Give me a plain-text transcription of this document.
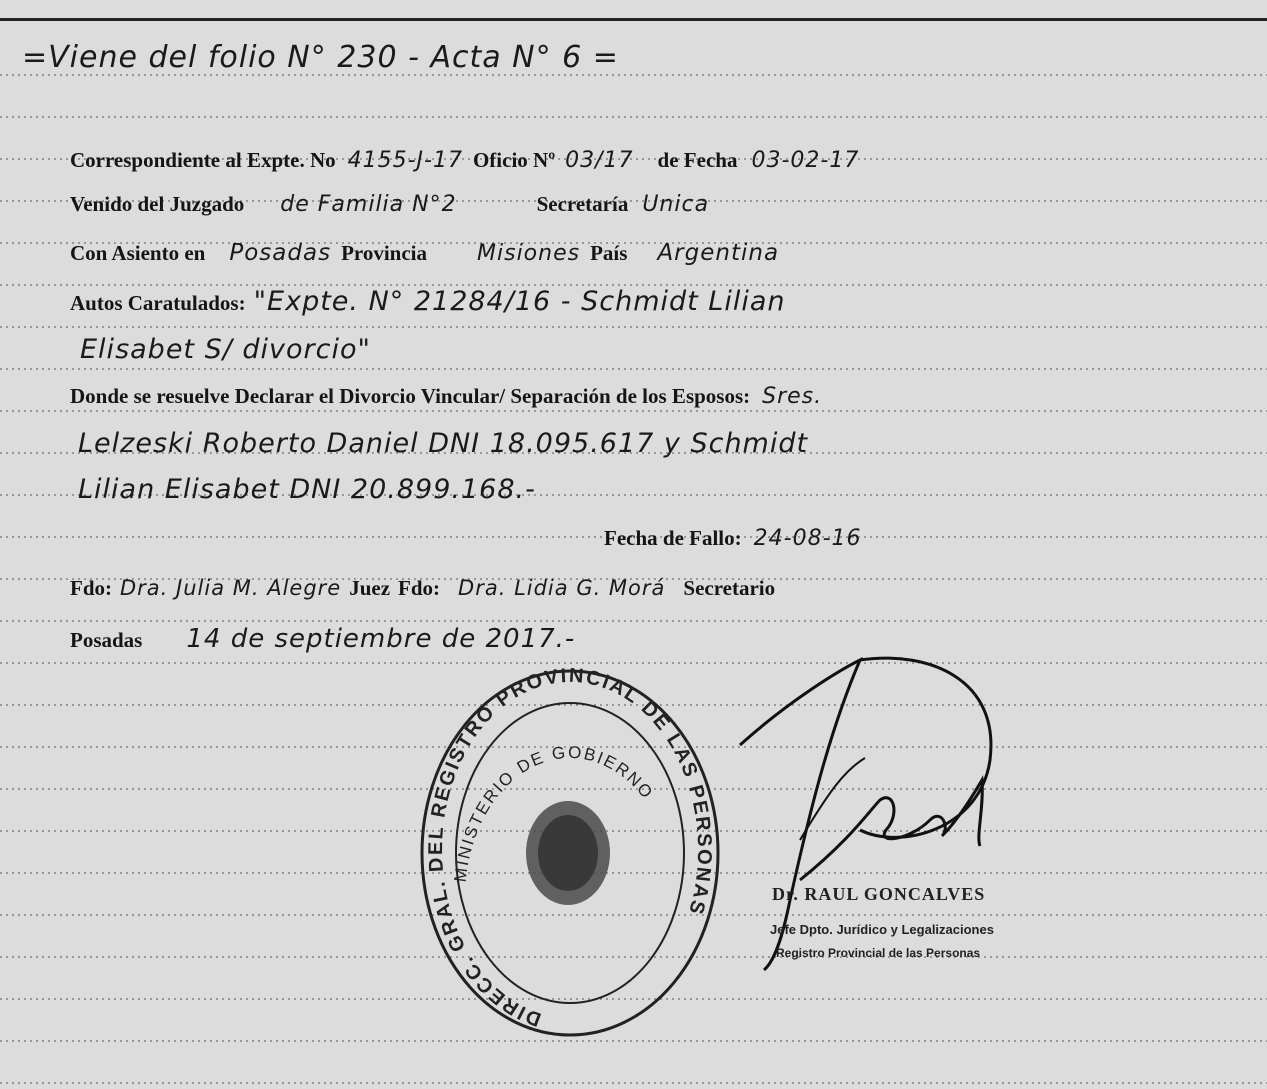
=Viene del folio N° 230 - Acta N° 6 =
Correspondiente al Expte. No 4155-J-17 Oficio Nº 03/17 de Fecha 03-02-17
Venido del Juzgado de Familia N°2	Secretaría Unica
Con Asiento en Posadas Provincia Misiones País Argentina
Autos Caratulados: "Expte. N° 21284/16 - Schmidt Lilian
Elisabet S/ divorcio"
Donde se resuelve Declarar el Divorcio Vincular/ Separación de los Esposos: Sres.
Lelzeski Roberto Daniel DNI 18.095.617 y Schmidt
Lilian Elisabet DNI 20.899.168.-
Fecha de Fallo: 24-08-16
Fdo: Dra. Julia M. Alegre Juez Fdo: Dra. Lidia G. Morá Secretario
Posadas 14 de septiembre de 2017.-
DIRECC. GRAL. DEL REGISTRO PROVINCIAL DE LAS PERSONAS
MINISTERIO DE GOBIERNO
Dr. RAUL GONCALVES
Jefe Dpto. Jurídico y Legalizaciones
Registro Provincial de las Personas
